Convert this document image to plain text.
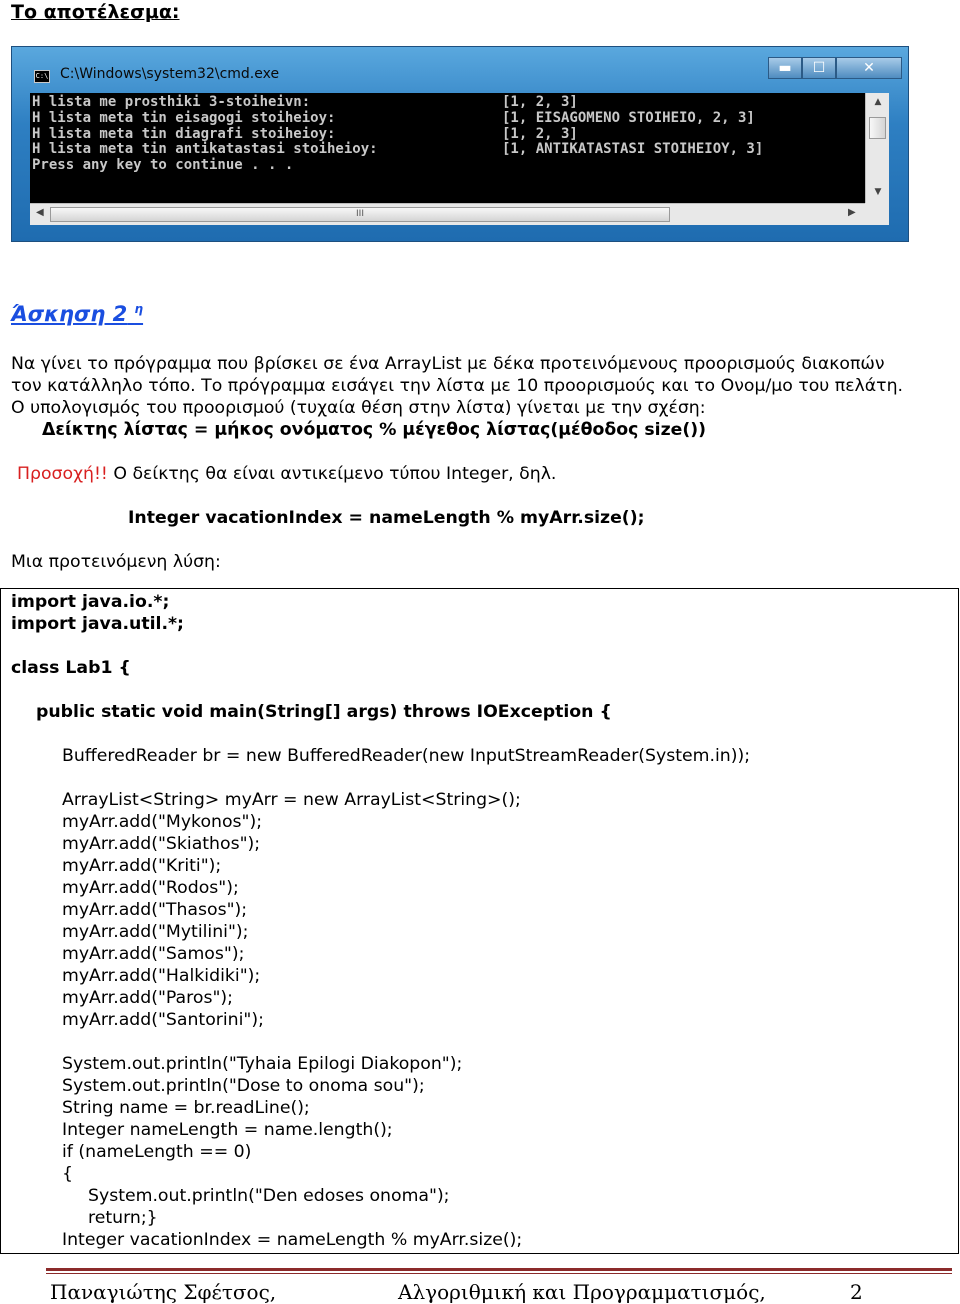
Το αποτέλεσμα:
C:\ C:\Windows\system32\cmd.exe	▬	☐	✕
H lista me prosthiki 3-stoiheivn:	[1, 2, 3]
H lista meta tin eisagogi stoiheioy:	[1, EISAGOMENO STOIHEIO, 2, 3]
H lista meta tin diagrafi stoiheioy:	[1, 2, 3]
H lista meta tin antikatastasi stoiheioy:	[1, ANTIKATASTASI STOIHEIOY, 3]
Press any key to continue . . .
▲
▼
◀	III	▶
Άσκηση 2 $^\eta$
Να γίνει το πρόγραμμα που βρίσκει σε ένα ArrayList με δέκα προτεινόμενους προορισμούς διακοπών
τον κατάλληλο τόπο. Το πρόγραμμα εισάγει την λίστα με 10 προορισμούς και το Ονομ/μο του πελάτη.
Ο υπολογισμός του προορισμού (τυχαία θέση στην λίστα) γίνεται με την σχέση:
Δείκτης λίστας = μήκος ονόματος % μέγεθος λίστας(μέθοδος size())
Προσοχή!! Ο δείκτης θα είναι αντικείμενο τύπου Integer, δηλ.
Integer vacationIndex = nameLength % myArr.size();
Μια προτεινόμενη λύση:
import java.io.*;
import java.util.*;
class Lab1 {
public static void main(String[] args) throws IOException {
BufferedReader br = new BufferedReader(new InputStreamReader(System.in));
ArrayList<String> myArr = new ArrayList<String>();
myArr.add("Mykonos");
myArr.add("Skiathos");
myArr.add("Kriti");
myArr.add("Rodos");
myArr.add("Thasos");
myArr.add("Mytilini");
myArr.add("Samos");
myArr.add("Halkidiki");
myArr.add("Paros");
myArr.add("Santorini");
System.out.println("Tyhaia Epilogi Diakopon");
System.out.println("Dose to onoma sou");
String name = br.readLine();
Integer nameLength = name.length();
if (nameLength == 0)
{
System.out.println("Den edoses onoma");
return;}
Integer vacationIndex = nameLength % myArr.size();
Παναγιώτης Σφέτσος,	Αλγοριθμική και Προγραμματισμός,	2
